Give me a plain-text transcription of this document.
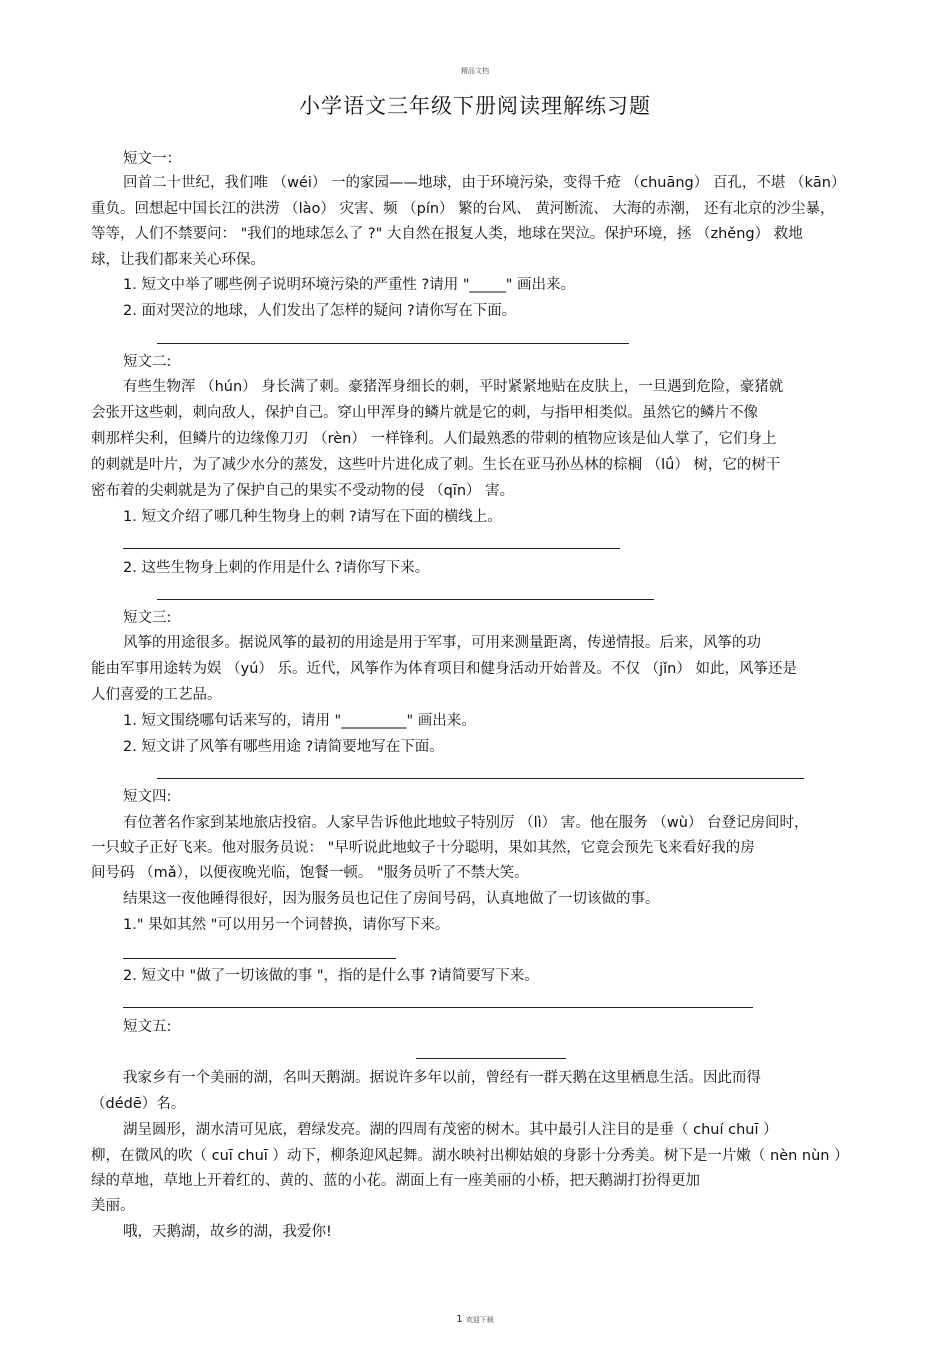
精品文档
小学语文三年级下册阅读理解练习题
短文一：
回首二十世纪，我们唯 （wéi） 一的家园——地球，由于环境污染，变得千疮 （chuāng） 百孔，不堪 （kān）
重负。回想起中国长江的洪涝 （lào） 灾害、频 （pín） 繁的台风、 黄河断流、 大海的赤潮， 还有北京的沙尘暴，
等等，人们不禁要问： "我们的地球怎么了 ?" 大自然在报复人类，地球在哭泣。保护环境，拯 （zhěng） 救地
球，让我们都来关心环保。
1. 短文中举了哪些例子说明环境污染的严重性 ?请用 "_____" 画出来。
2. 面对哭泣的地球，人们发出了怎样的疑问 ?请你写在下面。
短文二:
有些生物浑 （hún） 身长满了刺。豪猪浑身细长的刺，平时紧紧地贴在皮肤上，一旦遇到危险，豪猪就
会张开这些刺，刺向敌人，保护自己。穿山甲浑身的鳞片就是它的刺，与指甲相类似。虽然它的鳞片不像
刺那样尖利，但鳞片的边缘像刀刃 （rèn） 一样锋利。人们最熟悉的带刺的植物应该是仙人掌了，它们身上
的刺就是叶片，为了减少水分的蒸发，这些叶片进化成了刺。生长在亚马孙丛林的棕榈 （lǘ） 树，它的树干
密布着的尖刺就是为了保护自己的果实不受动物的侵 （qīn） 害。
1. 短文介绍了哪几种生物身上的刺 ?请写在下面的横线上。
2. 这些生物身上刺的作用是什么 ?请你写下来。
短文三:
风筝的用途很多。据说风筝的最初的用途是用于军事，可用来测量距离，传递情报。后来，风筝的功
能由军事用途转为娱 （yú） 乐。近代，风筝作为体育项目和健身活动开始普及。不仅 （jǐn） 如此，风筝还是
人们喜爱的工艺品。
1. 短文围绕哪句话来写的，请用 "_________" 画出来。
2. 短文讲了风筝有哪些用途 ?请简要地写在下面。
短文四:
有位著名作家到某地旅店投宿。人家早告诉他此地蚊子特别厉 （lì） 害。他在服务 （wù） 台登记房间时，
一只蚊子正好飞来。他对服务员说： "早听说此地蚊子十分聪明，果如其然，它竟会预先飞来看好我的房
间号码 （mǎ），以便夜晚光临，饱餐一顿。 "服务员听了不禁大笑。
结果这一夜他睡得很好，因为服务员也记住了房间号码，认真地做了一切该做的事。
1." 果如其然 "可以用另一个词替换，请你写下来。
2. 短文中 "做了一切该做的事 "，指的是什么事 ?请简要写下来。
短文五:
我家乡有一个美丽的湖，名叫天鹅湖。据说许多年以前，曾经有一群天鹅在这里栖息生活。因此而得
（dédē）名。
湖呈圆形，湖水清可见底，碧绿发亮。湖的四周有茂密的树木。其中最引人注目的是垂（ chuí chuī ）
柳，在微风的吹（ cuī chuī ）动下，柳条迎风起舞。湖水映衬出柳姑娘的身影十分秀美。树下是一片嫩（ nèn nùn ）
绿的草地，草地上开着红的、黄的、蓝的小花。湖面上有一座美丽的小桥，把天鹅湖打扮得更加
美丽。
哦，天鹅湖，故乡的湖，我爱你!
1 欢迎下载
